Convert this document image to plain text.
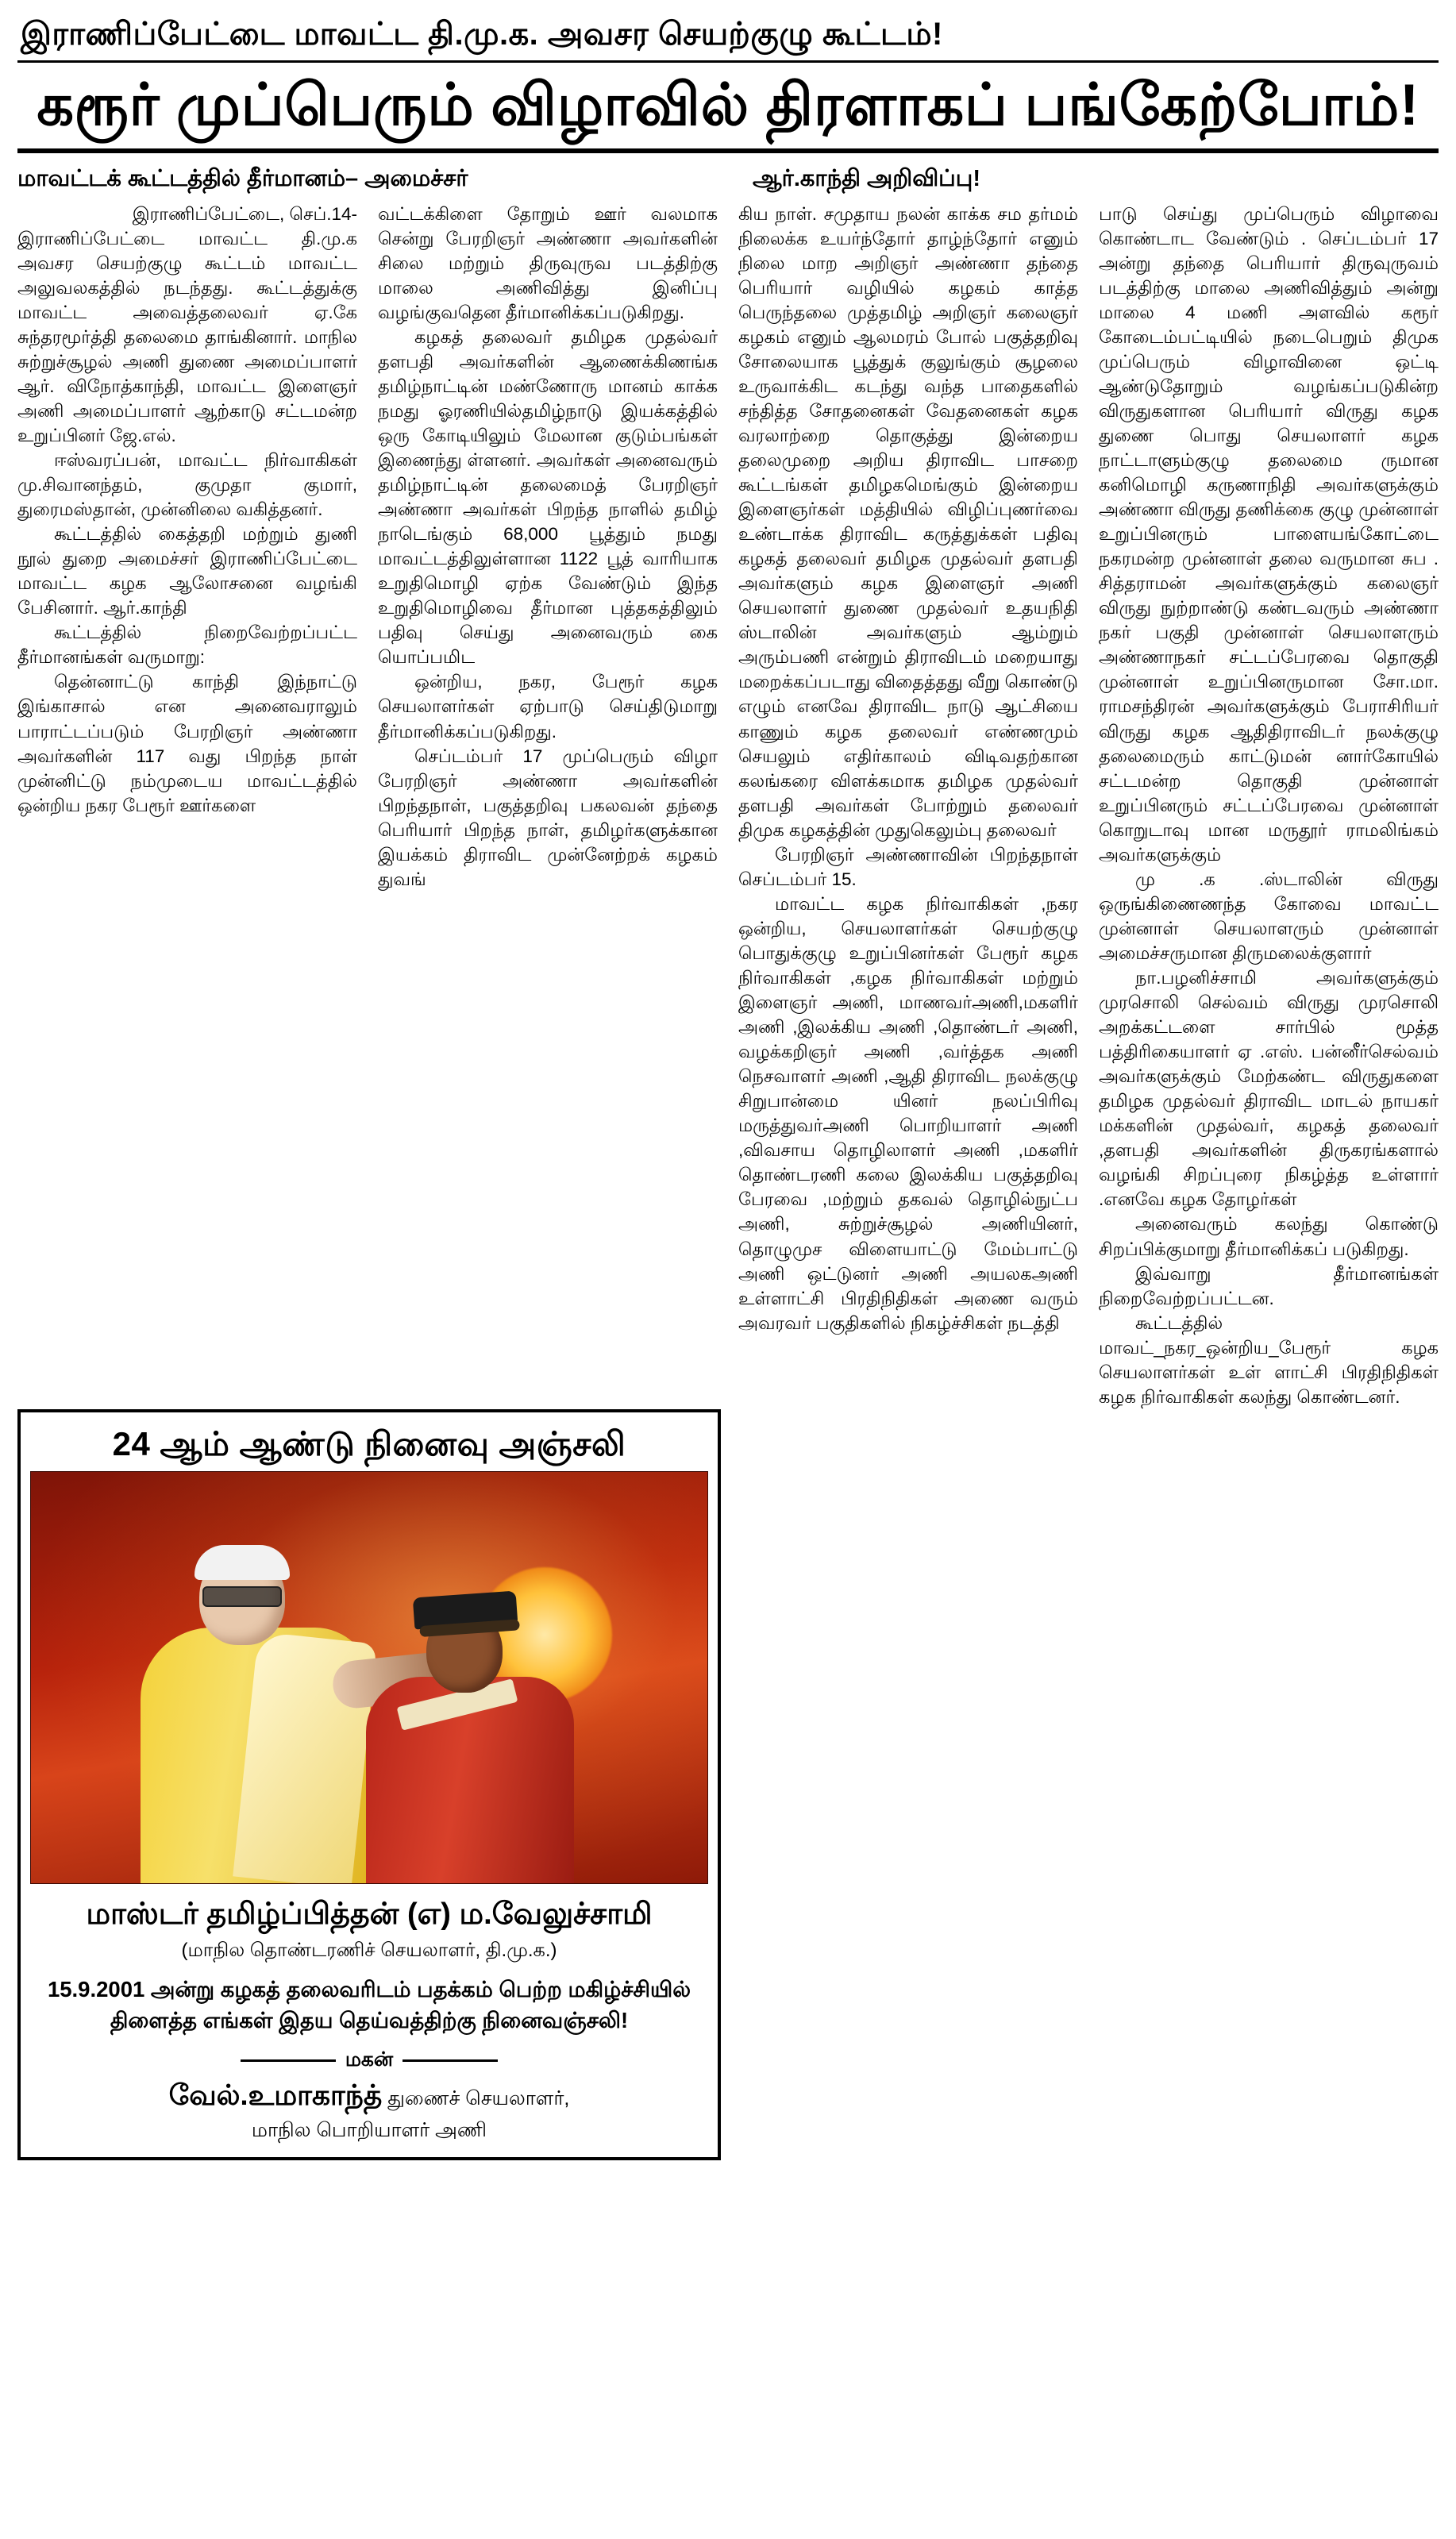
இராணிப்பேட்டை மாவட்ட தி.மு.க. அவசர செயற்குழு கூட்டம்!
கரூர் முப்பெரும் விழாவில் திரளாகப் பங்கேற்போம்!
மாவட்டக் கூட்டத்தில் தீர்மானம்– அமைச்சர்	ஆர்.காந்தி அறிவிப்பு!

இராணிப்பேட்டை, செப்.14-

இராணிப்பேட்டை மாவட்ட தி.மு.க அவசர செயற்குழு கூட்டம் மாவட்ட அலுவலகத்தில் நடந்தது. கூட்டத்துக்கு மாவட்ட அவைத்தலைவர் ஏ.கே சுந்தரமூர்த்தி தலைமை தாங்கினார். மாநில சுற்றுச்சூழல் அணி துணை அமைப்பாளர் ஆர். விநோத்காந்தி, மாவட்ட இளைஞர் அணி அமைப்பாளர் ஆற்காடு சட்டமன்ற உறுப்பினர் ஜே.எல்.

ஈஸ்வரப்பன், மாவட்ட நிர்வாகிகள் மு.சிவானந்தம், குமுதா குமார், துரைமஸ்தான், முன்னிலை வகித்தனர்.

கூட்டத்தில் கைத்தறி மற்றும் துணி நூல் துறை அமைச்சர் இராணிப்பேட்டை மாவட்ட கழக ஆலோசனை வழங்கி பேசினார். ஆர்.காந்தி

கூட்டத்தில் நிறைவேற்றப்பட்ட தீர்மானங்கள் வருமாறு:

தென்னாட்டு காந்தி இந்நாட்டு இங்காசால் என அனைவராலும் பாராட்டப்படும் பேரறிஞர் அண்ணா அவர்களின் 117 வது பிறந்த நாள் முன்னிட்டு நம்முடைய மாவட்டத்தில் ஒன்றிய நகர பேரூர் ஊர்களை

வட்டக்கிளை தோறும் ஊர் வலமாக சென்று பேரறிஞர் அண்ணா அவர்களின் சிலை மற்றும் திருவுருவ படத்திற்கு மாலை அணிவித்து இனிப்பு வழங்குவதென தீர்மானிக்கப்படுகிறது.

கழகத் தலைவர் தமிழக முதல்வர் தளபதி அவர்களின் ஆணைக்கிணங்க தமிழ்நாட்டின் மண்ணோரு மானம் காக்க நமது ஓரணியில்தமிழ்நாடு இயக்கத்தில் ஒரு கோடியிலும் மேலான குடும்பங்கள் இணைந்து ள்ளனர். அவர்கள் அனைவரும் தமிழ்நாட்டின் தலைமைத் பேரறிஞர் அண்ணா அவர்கள் பிறந்த நாளில் தமிழ் நாடெங்கும் 68,000 பூத்தும் நமது மாவட்டத்திலுள்ளான 1122 பூத் வாரியாக உறுதிமொழி ஏற்க வேண்டும் இந்த உறுதிமொழிவை தீர்மான புத்தகத்திலும் பதிவு செய்து அனைவரும் கை யொப்பமிட

ஒன்றிய, நகர, பேரூர் கழக செயலாளர்கள் ஏற்பாடு செய்திடுமாறு தீர்மானிக்கப்படுகிறது.

செப்டம்பர் 17 முப்பெரும் விழா பேரறிஞர் அண்ணா அவர்களின் பிறந்தநாள், பகுத்தறிவு பகலவன் தந்தை பெரியார் பிறந்த நாள், தமிழர்களுக்கான இயக்கம் திராவிட முன்னேற்றக் கழகம் துவங்

கிய நாள். சமுதாய நலன் காக்க சம தர்மம் நிலைக்க உயர்ந்தோர் தாழ்ந்தோர் எனும் நிலை மாற அறிஞர் அண்ணா தந்தை பெரியார் வழியில் கழகம் காத்த பெருந்தலை முத்தமிழ் அறிஞர் கலைஞர் கழகம் எனும் ஆலமரம் போல் பகுத்தறிவு சோலையாக பூத்துக் குலுங்கும் சூழலை உருவாக்கிட கடந்து வந்த பாதைகளில் சந்தித்த சோதனைகள் வேதனைகள் கழக வரலாற்றை தொகுத்து இன்றைய தலைமுறை அறிய திராவிட பாசறை கூட்டங்கள் தமிழகமெங்கும் இன்றைய இளைஞர்கள் மத்தியில் விழிப்புணர்வை உண்டாக்க திராவிட கருத்துக்கள் பதிவு கழகத் தலைவர் தமிழக முதல்வர் தளபதி அவர்களும் கழக இளைஞர் அணி செயலாளர் துணை முதல்வர் உதயநிதி ஸ்டாலின் அவர்களும் ஆம்றும் அரும்பணி என்றும் திராவிடம் மறையாது மறைக்கப்படாது விதைத்தது வீறு கொண்டு எழும் எனவே திராவிட நாடு ஆட்சியை காணும் கழக தலைவர் எண்ணமும் செயலும் எதிர்காலம் விடிவதற்கான கலங்கரை விளக்கமாக தமிழக முதல்வர் தளபதி அவர்கள் போற்றும் தலைவர் திமுக கழகத்தின் முதுகெலும்பு தலைவர்

பேரறிஞர் அண்ணாவின் பிறந்தநாள் செப்டம்பர் 15.

மாவட்ட கழக நிர்வாகிகள் ,நகர ஒன்றிய, செயலாளர்கள் செயற்குழு பொதுக்குழு உறுப்பினர்கள் பேரூர் கழக நிர்வாகிகள் ,கழக நிர்வாகிகள் மற்றும் இளைஞர் அணி, மாணவர்அணி,மகளிர் அணி ,இலக்கிய அணி ,தொண்டர் அணி, வழக்கறிஞர் அணி ,வர்த்தக அணி நெசவாளர் அணி ,ஆதி திராவிட நலக்குழு சிறுபான்மை யினர் நலப்பிரிவு மருத்துவர்அணி பொறியாளர் அணி ,விவசாய தொழிலாளர் அணி ,மகளிர் தொண்டரணி கலை இலக்கிய பகுத்தறிவு பேரவை ,மற்றும் தகவல் தொழில்நுட்ப அணி, சுற்றுச்சூழல் அணியினர், தொழுமுச விளையாட்டு மேம்பாட்டு அணி ஒட்டுனர் அணி அயலகஅணி உள்ளாட்சி பிரதிநிதிகள் அணை வரும் அவரவர் பகுதிகளில் நிகழ்ச்சிகள் நடத்தி

பாடு செய்து முப்பெரும் விழாவை கொண்டாட வேண்டும் . செப்டம்பர் 17 அன்று தந்தை பெரியார் திருவுருவம் படத்திற்கு மாலை அணிவித்தும் அன்று மாலை 4 மணி அளவில் கரூர் கோடைம்பட்டியில் நடைபெறும் திமுக முப்பெரும் விழாவினை ஒட்டி ஆண்டுதோறும் வழங்கப்படுகின்ற விருதுகளான பெரியார் விருது கழக துணை பொது செயலாளர் கழக நாட்டாளும்குழு தலைமை ருமான கனிமொழி கருணாநிதி அவர்களுக்கும் அண்ணா விருது தணிக்கை குழு முன்னாள் உறுப்பினரும் பாளையங்கோட்டை நகரமன்ற முன்னாள் தலை வருமான சுப . சித்தராமன் அவர்களுக்கும் கலைஞர் விருது நுற்றாண்டு கண்டவரும் அண்ணா நகர் பகுதி முன்னாள் செயலாளரும் அண்ணாநகர் சட்டப்பேரவை தொகுதி முன்னாள் உறுப்பினருமான சோ.மா. ராமசந்திரன் அவர்களுக்கும் பேராசிரியர் விருது கழக ஆதிதிராவிடர் நலக்குழு தலைமைரும் காட்டுமன் னார்கோயில் சட்டமன்ற தொகுதி முன்னாள் உறுப்பினரும் சட்டப்பேரவை முன்னாள் கொறுடாவு மான மருதூர் ராமலிங்கம் அவர்களுக்கும்

மு .க .ஸ்டாலின் விருது ஒருங்கிணைணந்த கோவை மாவட்ட முன்னாள் செயலாளரும் முன்னாள் அமைச்சருமான திருமலைக்குளார்

நா.பழனிச்சாமி அவர்களுக்கும் முரசொலி செல்வம் விருது முரசொலி அறக்கட்டளை சார்பில் மூத்த பத்திரிகையாளர் ஏ .எஸ். பன்னீர்செல்வம் அவர்களுக்கும் மேற்கண்ட விருதுகளை தமிழக முதல்வர் திராவிட மாடல் நாயகர் மக்களின் முதல்வர், கழகத் தலைவர் ,தளபதி அவர்களின் திருகரங்களால் வழங்கி சிறப்புரை நிகழ்த்த உள்ளார் .எனவே கழக தோழர்கள்

அனைவரும் கலந்து கொண்டு சிறப்பிக்குமாறு தீர்மானிக்கப் படுகிறது.

இவ்வாறு தீர்மானங்கள் நிறைவேற்றப்பட்டன.

கூட்டத்தில் மாவட்_நகர_ஒன்றிய_பேரூர் கழக செயலாளர்கள் உள் ளாட்சி பிரதிநிதிகள் கழக நிர்வாகிகள் கலந்து கொண்டனர்.

24 ஆம் ஆண்டு நினைவு அஞ்சலி
மாஸ்டர் தமிழ்ப்பித்தன் (எ) ம.வேலுச்சாமி
(மாநில தொண்டரணிச் செயலாளர், தி.மு.க.)
15.9.2001 அன்று கழகத் தலைவரிடம் பதக்கம் பெற்ற மகிழ்ச்சியில் திளைத்த எங்கள் இதய தெய்வத்திற்கு நினைவஞ்சலி!
மகன்
வேல்.உமாகாந்த் துணைச் செயலாளர்,
மாநில பொறியாளர் அணி
